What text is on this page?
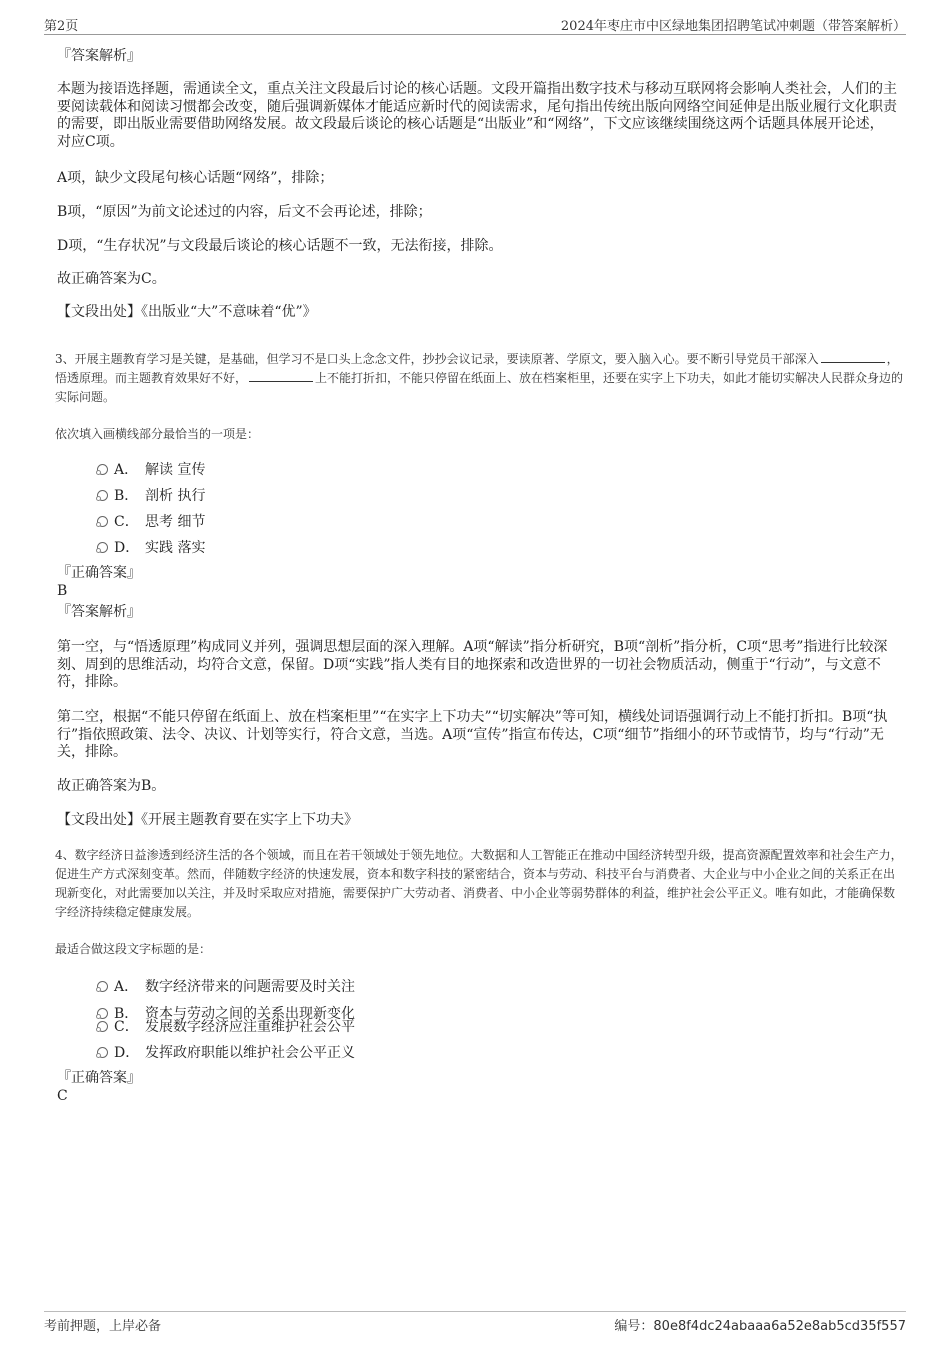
第2页	2024年枣庄市中区绿地集团招聘笔试冲刺题（带答案解析）

『答案解析』

本题为接语选择题，需通读全文，重点关注文段最后讨论的核心话题。文段开篇指出数字技术与移动互联网将会影响人类社会，人们的主要阅读载体和阅读习惯都会改变，随后强调新媒体才能适应新时代的阅读需求，尾句指出传统出版向网络空间延伸是出版业履行文化职责的需要，即出版业需要借助网络发展。故文段最后谈论的核心话题是“出版业”和“网络”，下文应该继续围绕这两个话题具体展开论述，对应C项。

A项，缺少文段尾句核心话题“网络”，排除；

B项，“原因”为前文论述过的内容，后文不会再论述，排除；

D项，“生存状况”与文段最后谈论的核心话题不一致，无法衔接，排除。

故正确答案为C。

【文段出处】《出版业“大”不意味着“优”》

3、开展主题教育学习是关键，是基础，但学习不是口头上念念文件，抄抄会议记录，要读原著、学原文，要入脑入心。要不断引导党员干部深入	，悟透原理。而主题教育效果好不好，	上不能打折扣，不能只停留在纸面上、放在档案柜里，还要在实字上下功夫，如此才能切实解决人民群众身边的实际问题。

依次填入画横线部分最恰当的一项是：

A． 解读 宣传
B． 剖析 执行
C． 思考 细节
D． 实践 落实

『正确答案』

B

『答案解析』

第一空，与“悟透原理”构成同义并列，强调思想层面的深入理解。A项“解读”指分析研究，B项“剖析”指分析，C项“思考”指进行比较深刻、周到的思维活动，均符合文意，保留。D项“实践”指人类有目的地探索和改造世界的一切社会物质活动，侧重于“行动”，与文意不符，排除。

第二空，根据“不能只停留在纸面上、放在档案柜里”“在实字上下功夫”“切实解决”等可知，横线处词语强调行动上不能打折扣。B项“执行”指依照政策、法令、决议、计划等实行，符合文意，当选。A项“宣传”指宣布传达，C项“细节”指细小的环节或情节，均与“行动”无关，排除。

故正确答案为B。

【文段出处】《开展主题教育要在实字上下功夫》

4、数字经济日益渗透到经济生活的各个领域，而且在若干领域处于领先地位。大数据和人工智能正在推动中国经济转型升级，提高资源配置效率和社会生产力，促进生产方式深刻变革。然而，伴随数字经济的快速发展，资本和数字科技的紧密结合，资本与劳动、科技平台与消费者、大企业与中小企业之间的关系正在出现新变化，对此需要加以关注，并及时采取应对措施，需要保护广大劳动者、消费者、中小企业等弱势群体的利益，维护社会公平正义。唯有如此，才能确保数字经济持续稳定健康发展。

最适合做这段文字标题的是：

A． 数字经济带来的问题需要及时关注
B． 资本与劳动之间的关系出现新变化
C． 发展数字经济应注重维护社会公平
D． 发挥政府职能以维护社会公平正义

『正确答案』

C

考前押题，上岸必备	编号：80e8f4dc24abaaa6a52e8ab5cd35f557
